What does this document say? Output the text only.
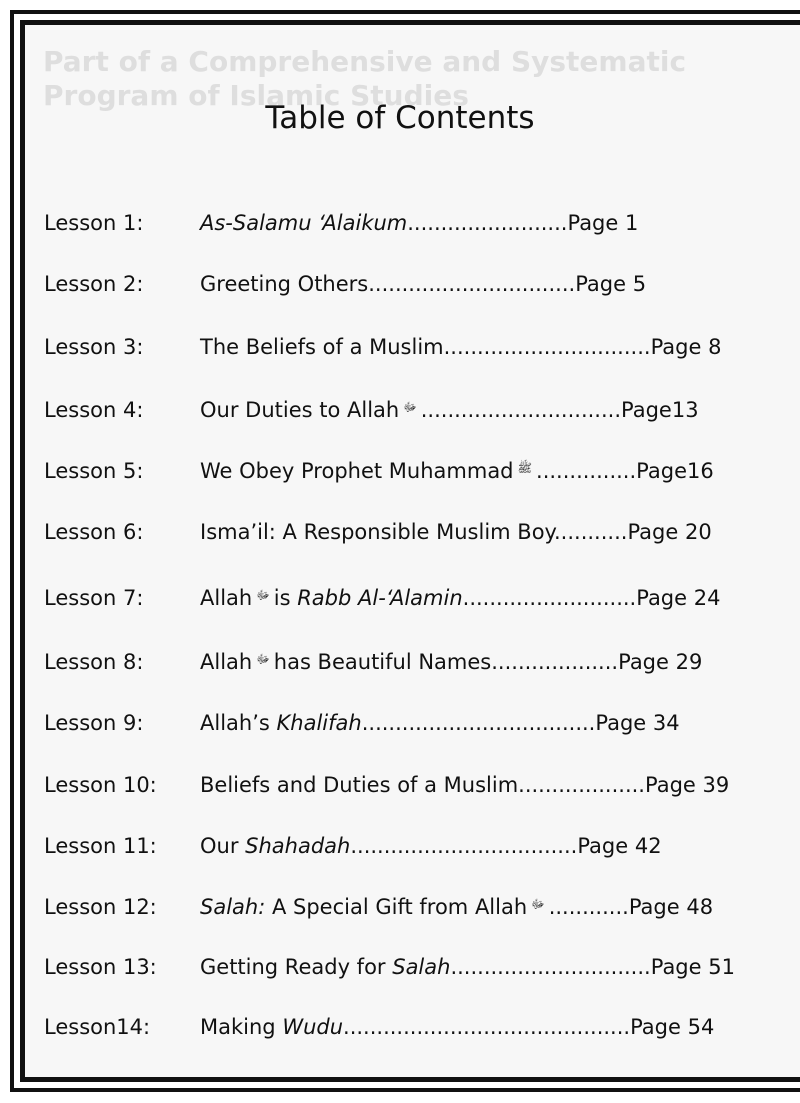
Part of a Comprehensive and Systematic
Program of Islamic Studies
Table of Contents
Lesson 1:	As-Salamu ‘Alaikum........................Page 1
Lesson 2:	Greeting Others...............................Page 5
Lesson 3:	The Beliefs of a Muslim...............................Page 8
Lesson 4:	Our Duties to Allah ﷻ ..............................Page13
Lesson 5:	We Obey Prophet Muhammad ﷺ ...............Page16
Lesson 6:	Isma’il: A Responsible Muslim Boy...........Page 20
Lesson 7:	Allah ﷻ is Rabb Al-‘Alamin..........................Page 24
Lesson 8:	Allah ﷻ has Beautiful Names...................Page 29
Lesson 9:	Allah’s Khalifah...................................Page 34
Lesson 10: Beliefs and Duties of a Muslim...................Page 39
Lesson 11: Our Shahadah..................................Page 42
Lesson 12: Salah: A Special Gift from Allah ﷻ ............Page 48
Lesson 13: Getting Ready for Salah..............................Page 51
Lesson14: Making Wudu...........................................Page 54
